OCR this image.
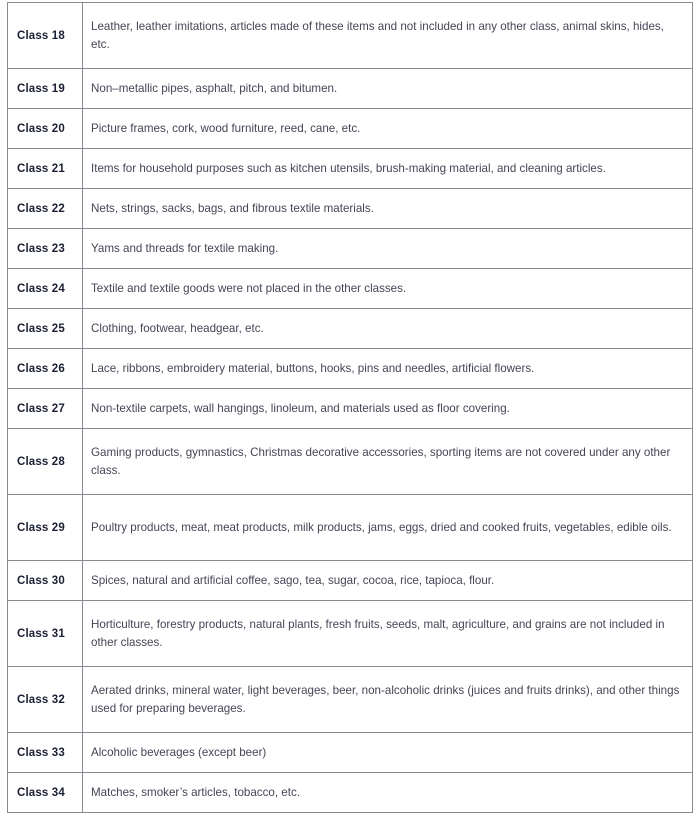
Class 18	Leather, leather imitations, articles made of these items and not included in any other class, animal skins, hides, etc.
Class 19	Non–metallic pipes, asphalt, pitch, and bitumen.
Class 20	Picture frames, cork, wood furniture, reed, cane, etc.
Class 21	Items for household purposes such as kitchen utensils, brush-making material, and cleaning articles.
Class 22	Nets, strings, sacks, bags, and fibrous textile materials.
Class 23	Yams and threads for textile making.
Class 24	Textile and textile goods were not placed in the other classes.
Class 25	Clothing, footwear, headgear, etc.
Class 26	Lace, ribbons, embroidery material, buttons, hooks, pins and needles, artificial flowers.
Class 27	Non-textile carpets, wall hangings, linoleum, and materials used as floor covering.
Class 28	Gaming products, gymnastics, Christmas decorative accessories, sporting items are not covered under any other class.
Class 29	Poultry products, meat, meat products, milk products, jams, eggs, dried and cooked fruits, vegetables, edible oils.
Class 30	Spices, natural and artificial coffee, sago, tea, sugar, cocoa, rice, tapioca, flour.
Class 31	Horticulture, forestry products, natural plants, fresh fruits, seeds, malt, agriculture, and grains are not included in other classes.
Class 32	Aerated drinks, mineral water, light beverages, beer, non-alcoholic drinks (juices and fruits drinks), and other things used for preparing beverages.
Class 33	Alcoholic beverages (except beer)
Class 34	Matches, smoker’s articles, tobacco, etc.
